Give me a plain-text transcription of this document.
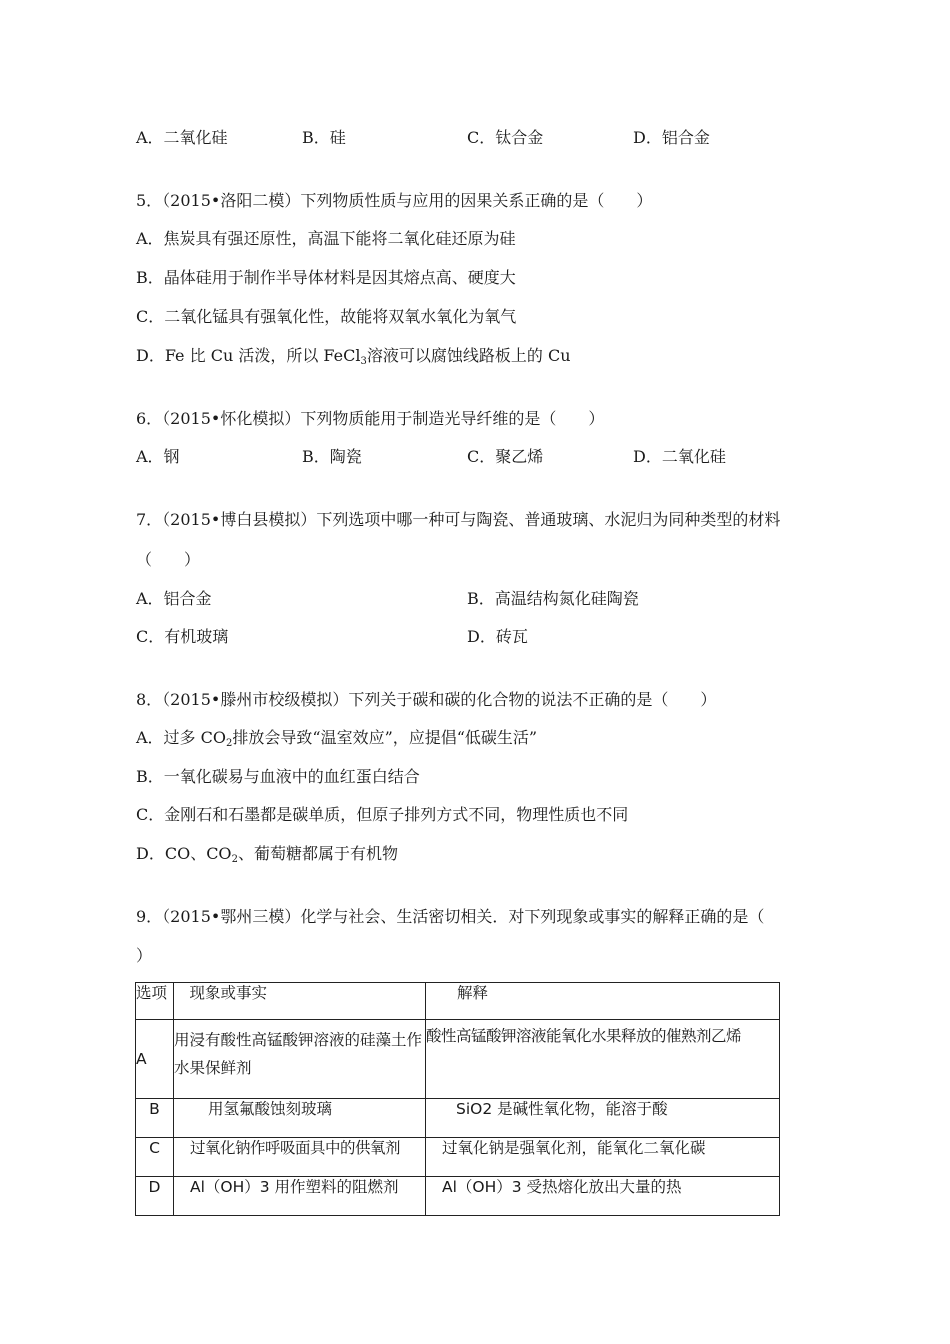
A．二氧化硅	B．硅	C．钛合金	D．铝合金
5．（2015•洛阳二模）下列物质性质与应用的因果关系正确的是（　　）
A．焦炭具有强还原性，高温下能将二氧化硅还原为硅
B．晶体硅用于制作半导体材料是因其熔点高、硬度大
C．二氧化锰具有强氧化性，故能将双氧水氧化为氧气
D．Fe 比 Cu 活泼，所以 FeCl$_3$溶液可以腐蚀线路板上的 Cu
6．（2015•怀化模拟）下列物质能用于制造光导纤维的是（　　）
A．钢	B．陶瓷	C．聚乙烯	D．二氧化硅
7．（2015•博白县模拟）下列选项中哪一种可与陶瓷、普通玻璃、水泥归为同种类型的材料
（　　）
A．铝合金	B．高温结构氮化硅陶瓷
C．有机玻璃	D．砖瓦
8．（2015•滕州市校级模拟）下列关于碳和碳的化合物的说法不正确的是（　　）
A．过多 $CO_2$排放会导致“温室效应”，应提倡“低碳生活”
B．一氧化碳易与血液中的血红蛋白结合
C．金刚石和石墨都是碳单质，但原子排列方式不同，物理性质也不同
D．CO、$CO_2$、葡萄糖都属于有机物
9．（2015•鄂州三模）化学与社会、生活密切相关．对下列现象或事实的解释正确的是（
）
选项	　现象或事实	　　解释
A	用浸有酸性高锰酸钾溶液的硅藻土作水果保鲜剂	酸性高锰酸钾溶液能氧化水果释放的催熟剂乙烯
B	用氢氟酸蚀刻玻璃	SiO2 是碱性氧化物，能溶于酸
C	过氧化钠作呼吸面具中的供氧剂	过氧化钠是强氧化剂，能氧化二氧化碳
D	Al（OH）3 用作塑料的阻燃剂	Al（OH）3 受热熔化放出大量的热
